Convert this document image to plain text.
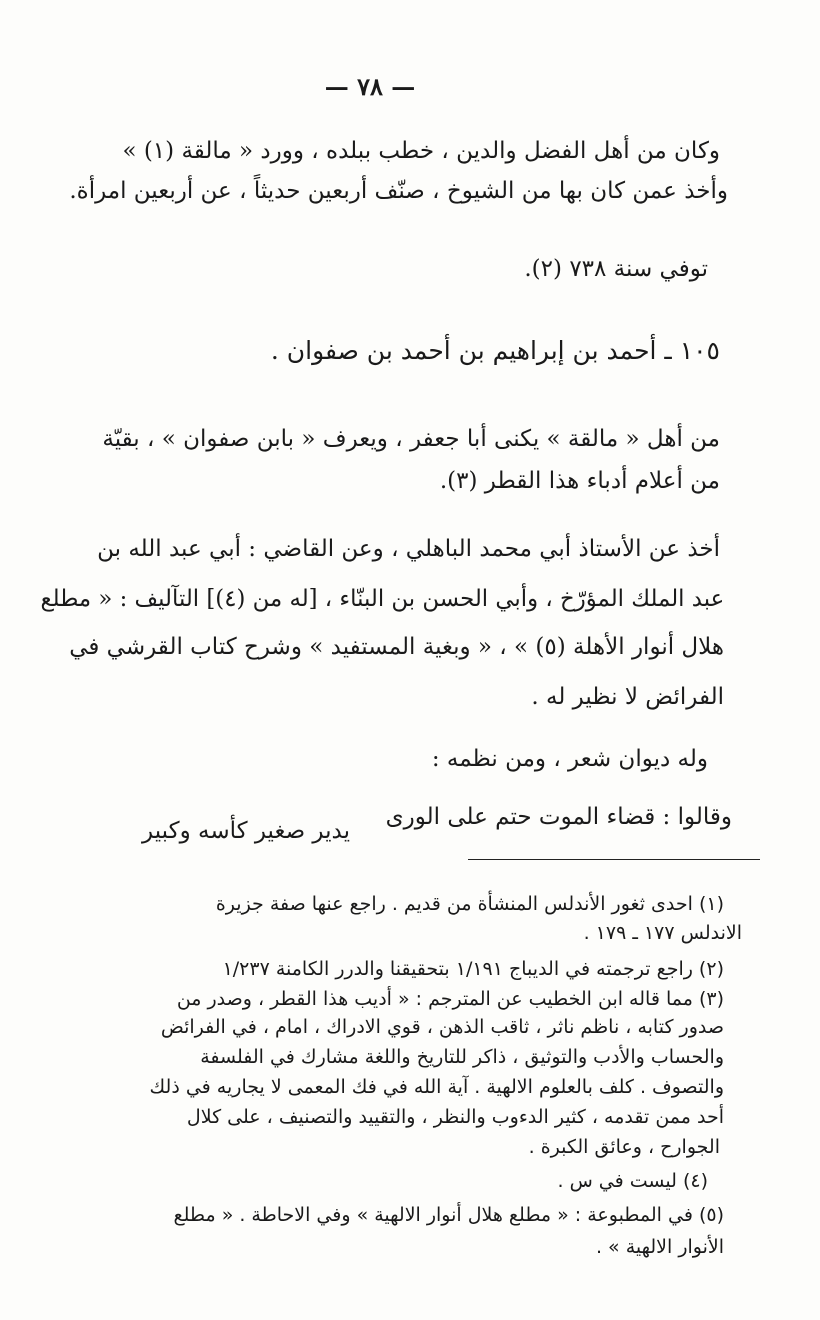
— ٧٨ —
وكان من أهل الفضل والدين ، خطب ببلده ، وورد « مالقة (١) »
وأخذ عمن كان بها من الشيوخ ، صنّف أربعين حديثاً ، عن أربعين امرأة.
توفي سنة ٧٣٨ (٢).
١٠٥ ـ أحمد بن إبراهيم بن أحمد بن صفوان .
من أهل « مالقة » يكنى أبا جعفر ، ويعرف « بابن صفوان » ، بقيّة
من أعلام أدباء هذا القطر (٣).
أخذ عن الأستاذ أبي محمد الباهلي ، وعن القاضي : أبي عبد الله بن
عبد الملك المؤرّخ ، وأبي الحسن بن البنّاء ، [له من (٤)] التآليف : « مطلع
هلال أنوار الأهلة (٥) » ، « وبغية المستفيد » وشرح كتاب القرشي في
الفرائض لا نظير له .
وله ديوان شعر ، ومن نظمه :
وقالوا : قضاء الموت حتم على الورى
يدير صغير كأسه وكبير
(١) احدى ثغور الأندلس المنشأة من قديم . راجع عنها صفة جزيرة
الاندلس ١٧٧ ـ ١٧٩ .
(٢) راجع ترجمته في الديباج ١/١٩١ بتحقيقنا والدرر الكامنة ١/٢٣٧
(٣) مما قاله ابن الخطيب عن المترجم : « أديب هذا القطر ، وصدر من
صدور كتابه ، ناظم ناثر ، ثاقب الذهن ، قوي الادراك ، امام ، في الفرائض
والحساب والأدب والتوثيق ، ذاكر للتاريخ واللغة مشارك في الفلسفة
والتصوف . كلف بالعلوم الالهية . آية الله في فك المعمى لا يجاريه في ذلك
أحد ممن تقدمه ، كثير الدءوب والنظر ، والتقييد والتصنيف ، على كلال
الجوارح ، وعائق الكبرة .
(٤) ليست في س .
(٥) في المطبوعة : « مطلع هلال أنوار الالهية » وفي الاحاطة . « مطلع
الأنوار الالهية » .
